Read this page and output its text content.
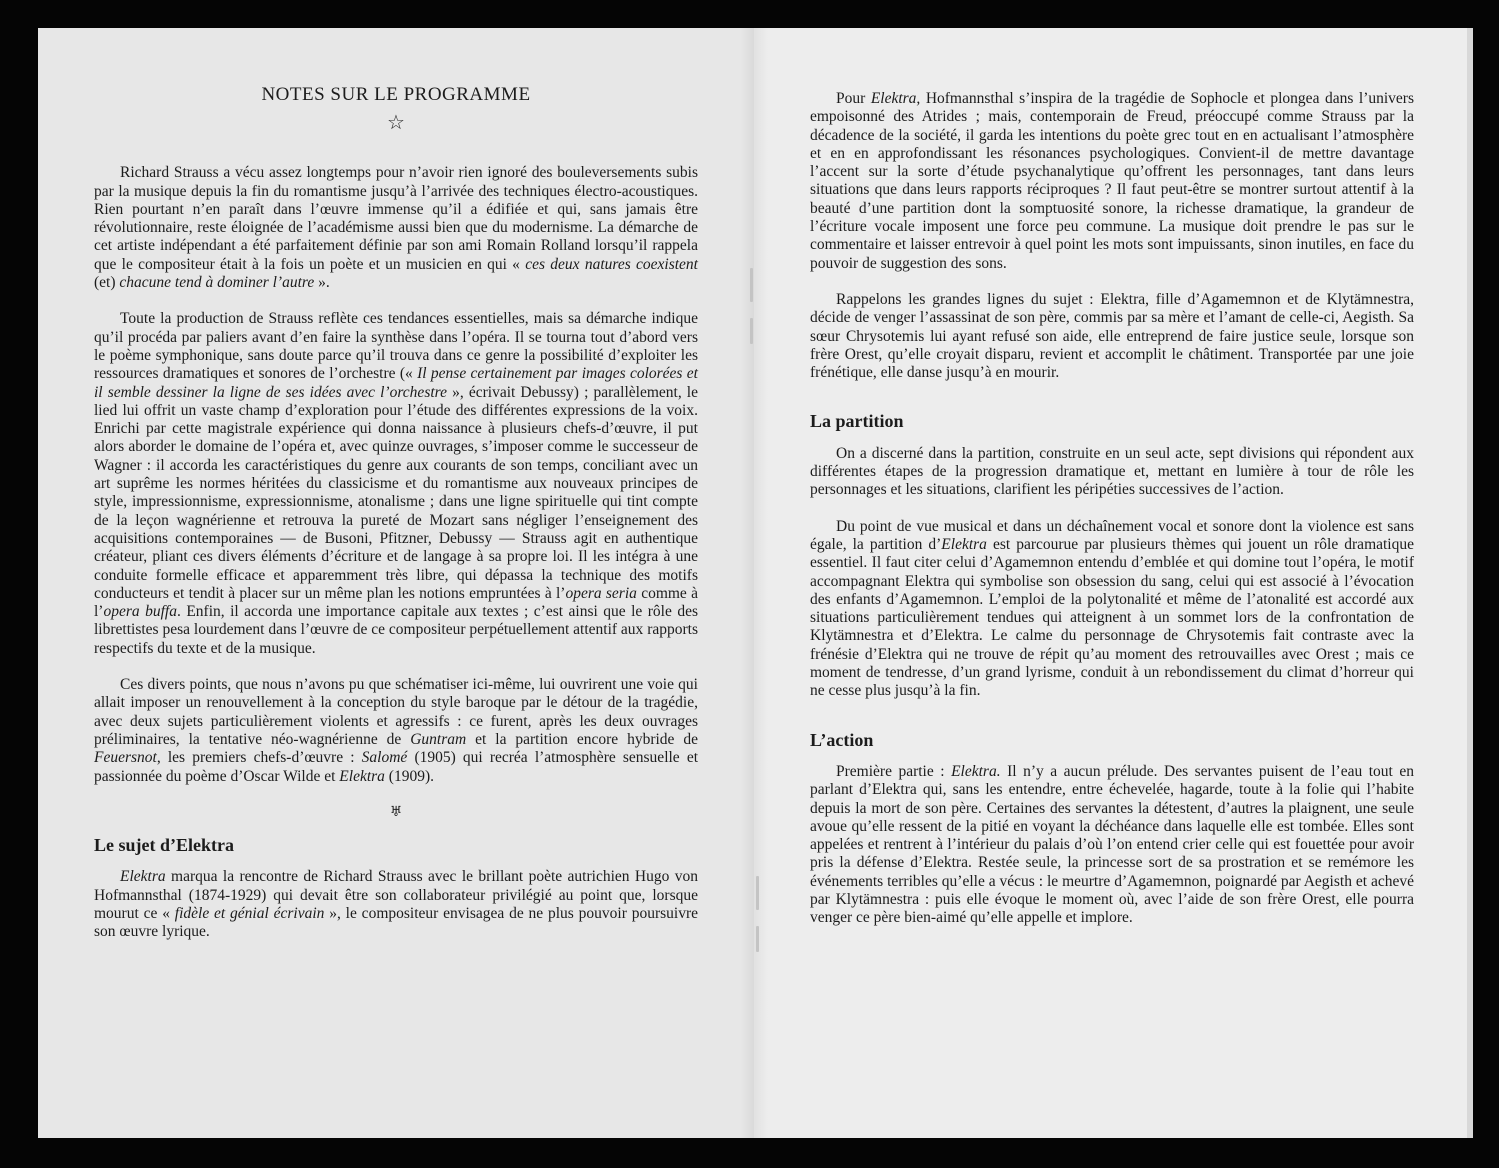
NOTES SUR LE PROGRAMME
☆

Richard Strauss a vécu assez longtemps pour n’avoir rien ignoré des bouleversements subis par la musique depuis la fin du romantisme jusqu’à l’arrivée des techniques électro-acoustiques. Rien pourtant n’en paraît dans l’œuvre immense qu’il a édifiée et qui, sans jamais être révolutionnaire, reste éloignée de l’académisme aussi bien que du modernisme. La démarche de cet artiste indépendant a été parfaitement définie par son ami Romain Rolland lorsqu’il rappela que le compositeur était à la fois un poète et un musicien en qui « ces deux natures coexistent (et) chacune tend à dominer l’autre ».

Toute la production de Strauss reflète ces tendances essentielles, mais sa démarche indique qu’il procéda par paliers avant d’en faire la synthèse dans l’opéra. Il se tourna tout d’abord vers le poème symphonique, sans doute parce qu’il trouva dans ce genre la possibilité d’exploiter les ressources dramatiques et sonores de l’orchestre (« Il pense certainement par images colorées et il semble dessiner la ligne de ses idées avec l’orchestre », écrivait Debussy) ; parallèlement, le lied lui offrit un vaste champ d’exploration pour l’étude des différentes expressions de la voix. Enrichi par cette magistrale expérience qui donna naissance à plusieurs chefs-d’œuvre, il put alors aborder le domaine de l’opéra et, avec quinze ouvrages, s’imposer comme le successeur de Wagner : il accorda les caractéristiques du genre aux courants de son temps, conciliant avec un art suprême les normes héritées du classicisme et du romantisme aux nouveaux principes de style, impressionnisme, expressionnisme, atonalisme ; dans une ligne spirituelle qui tint compte de la leçon wagnérienne et retrouva la pureté de Mozart sans négliger l’enseignement des acquisitions contemporaines — de Busoni, Pfitzner, Debussy — Strauss agit en authentique créateur, pliant ces divers éléments d’écriture et de langage à sa propre loi. Il les intégra à une conduite formelle efficace et apparemment très libre, qui dépassa la technique des motifs conducteurs et tendit à placer sur un même plan les notions empruntées à l’opera seria comme à l’opera buffa. Enfin, il accorda une importance capitale aux textes ; c’est ainsi que le rôle des librettistes pesa lourdement dans l’œuvre de ce compositeur perpétuellement attentif aux rapports respectifs du texte et de la musique.

Ces divers points, que nous n’avons pu que schématiser ici-même, lui ouvrirent une voie qui allait imposer un renouvellement à la conception du style baroque par le détour de la tragédie, avec deux sujets particulièrement violents et agressifs : ce furent, après les deux ouvrages préliminaires, la tentative néo-wagnérienne de Guntram et la partition encore hybride de Feuersnot, les premiers chefs-d’œuvre : Salomé (1905) qui recréa l’atmosphère sensuelle et passionnée du poème d’Oscar Wilde et Elektra (1909).

♅
Le sujet d’Elektra

Elektra marqua la rencontre de Richard Strauss avec le brillant poète autrichien Hugo von Hofmannsthal (1874-1929) qui devait être son collaborateur privilégié au point que, lorsque mourut ce « fidèle et génial écrivain », le compositeur envisagea de ne plus pouvoir poursuivre son œuvre lyrique.

Pour Elektra, Hofmannsthal s’inspira de la tragédie de Sophocle et plongea dans l’univers empoisonné des Atrides ; mais, contemporain de Freud, préoccupé comme Strauss par la décadence de la société, il garda les intentions du poète grec tout en en actualisant l’atmosphère et en en approfondissant les résonances psychologiques. Convient-il de mettre davantage l’accent sur la sorte d’étude psychanalytique qu’offrent les personnages, tant dans leurs situations que dans leurs rapports réciproques ? Il faut peut-être se montrer surtout attentif à la beauté d’une partition dont la somptuosité sonore, la richesse dramatique, la grandeur de l’écriture vocale imposent une force peu commune. La musique doit prendre le pas sur le commentaire et laisser entrevoir à quel point les mots sont impuissants, sinon inutiles, en face du pouvoir de suggestion des sons.

Rappelons les grandes lignes du sujet : Elektra, fille d’Agamemnon et de Klytämnestra, décide de venger l’assassinat de son père, commis par sa mère et l’amant de celle-ci, Aegisth. Sa sœur Chrysotemis lui ayant refusé son aide, elle entreprend de faire justice seule, lorsque son frère Orest, qu’elle croyait disparu, revient et accomplit le châtiment. Transportée par une joie frénétique, elle danse jusqu’à en mourir.

La partition

On a discerné dans la partition, construite en un seul acte, sept divisions qui répondent aux différentes étapes de la progression dramatique et, mettant en lumière à tour de rôle les personnages et les situations, clarifient les péripéties successives de l’action.

Du point de vue musical et dans un déchaînement vocal et sonore dont la violence est sans égale, la partition d’Elektra est parcourue par plusieurs thèmes qui jouent un rôle dramatique essentiel. Il faut citer celui d’Agamemnon entendu d’emblée et qui domine tout l’opéra, le motif accompagnant Elektra qui symbolise son obsession du sang, celui qui est associé à l’évocation des enfants d’Agamemnon. L’emploi de la polytonalité et même de l’atonalité est accordé aux situations particulièrement tendues qui atteignent à un sommet lors de la confrontation de Klytämnestra et d’Elektra. Le calme du personnage de Chrysotemis fait contraste avec la frénésie d’Elektra qui ne trouve de répit qu’au moment des retrouvailles avec Orest ; mais ce moment de tendresse, d’un grand lyrisme, conduit à un rebondissement du climat d’horreur qui ne cesse plus jusqu’à la fin.

L’action

Première partie : Elektra. Il n’y a aucun prélude. Des servantes puisent de l’eau tout en parlant d’Elektra qui, sans les entendre, entre échevelée, hagarde, toute à la folie qui l’habite depuis la mort de son père. Certaines des servantes la détestent, d’autres la plaignent, une seule avoue qu’elle ressent de la pitié en voyant la déchéance dans laquelle elle est tombée. Elles sont appelées et rentrent à l’intérieur du palais d’où l’on entend crier celle qui est fouettée pour avoir pris la défense d’Elektra. Restée seule, la princesse sort de sa prostration et se remémore les événements terribles qu’elle a vécus : le meurtre d’Agamemnon, poignardé par Aegisth et achevé par Klytämnestra : puis elle évoque le moment où, avec l’aide de son frère Orest, elle pourra venger ce père bien-aimé qu’elle appelle et implore.
